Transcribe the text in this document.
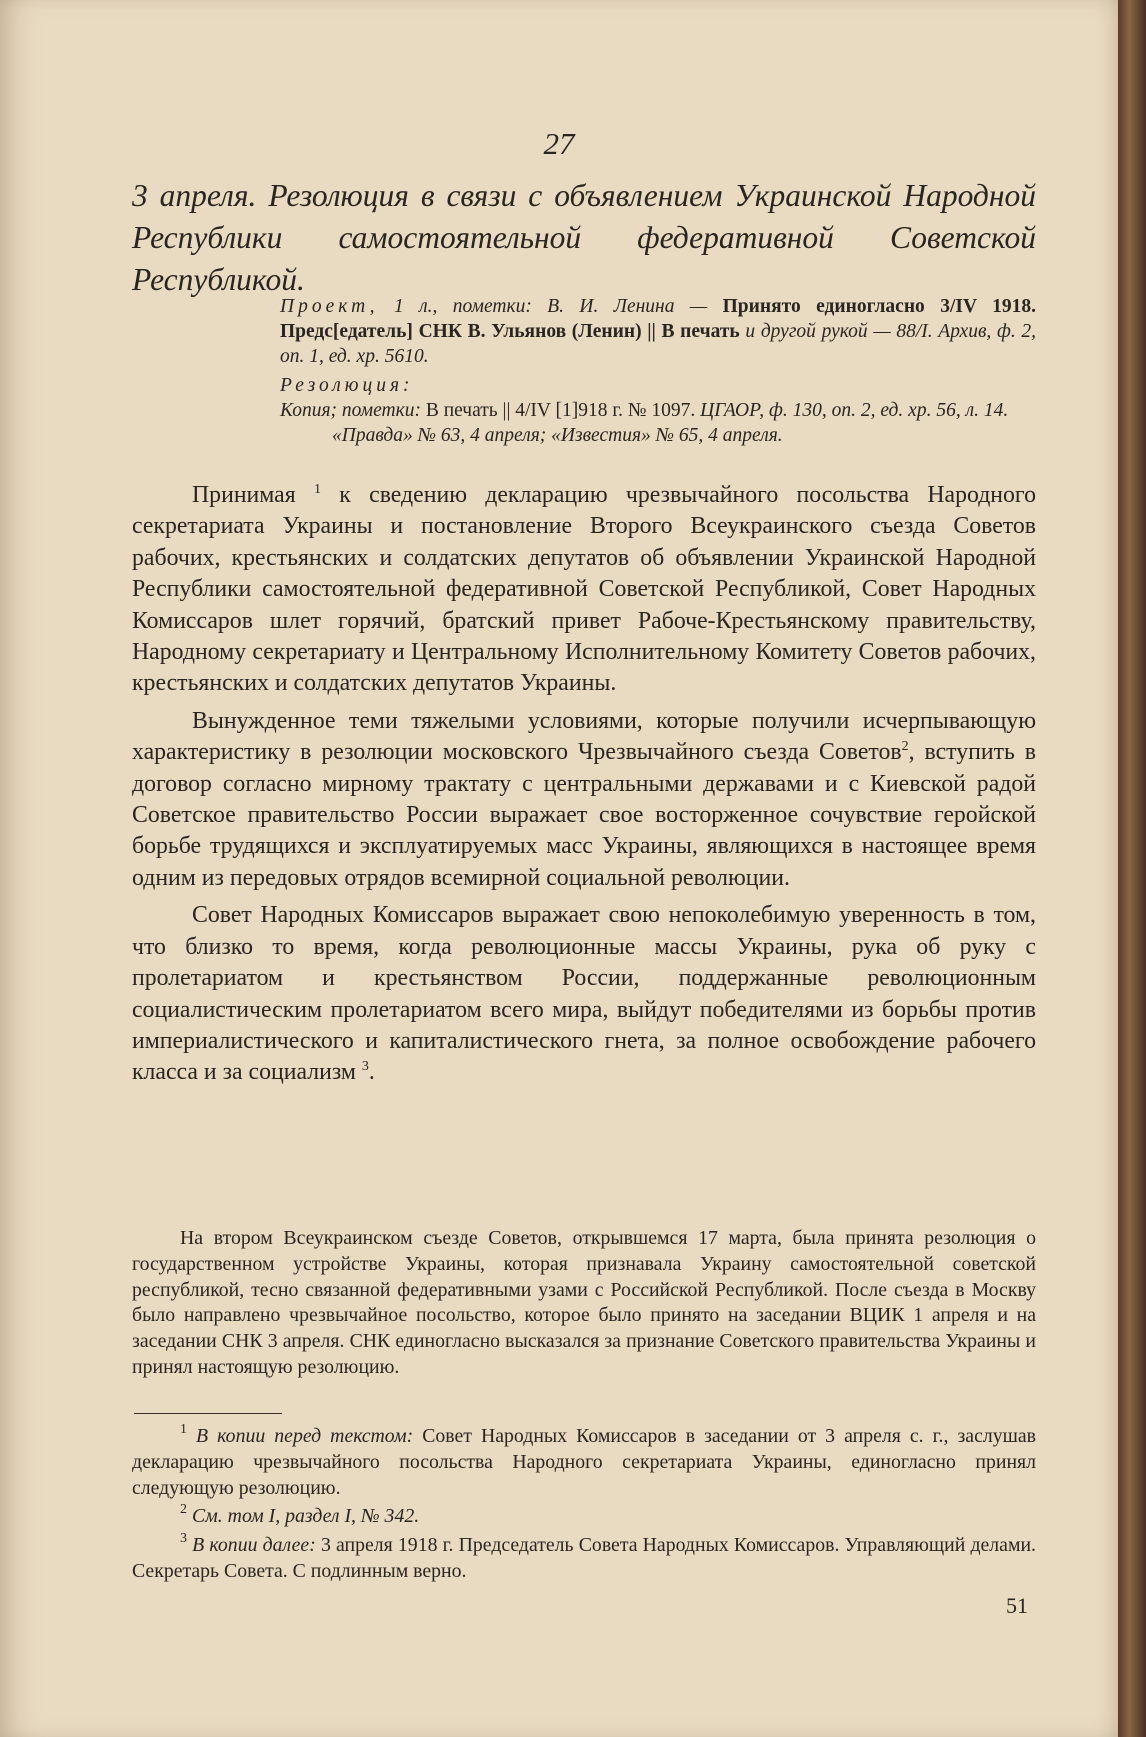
27
3 апреля. Резолюция в связи с объявлением Украинской Народной Республики самостоятельной федеративной Советской Республикой.
Проект, 1 л., пометки: В. И. Ленина — Принято единогласно 3/IV 1918. Предс[едатель] СНК В. Ульянов (Ленин) || В печать и другой рукой — 88/I. Архив, ф. 2, оп. 1, ед. хр. 5610.
Резолюция:
Копия; пометки: В печать || 4/IV [1]918 г. № 1097. ЦГАОР, ф. 130, оп. 2, ед. хр. 56, л. 14.
«Правда» № 63, 4 апреля; «Известия» № 65, 4 апреля.

Принимая $^1$ к сведению декларацию чрезвычайного посольства Народного секретариата Украины и постановление Второго Всеукраинского съезда Советов рабочих, крестьянских и солдатских депутатов об объявлении Украинской Народной Республики самостоятельной федеративной Советской Республикой, Совет Народных Комиссаров шлет горячий, братский привет Рабоче-Крестьянскому правительству, Народному секретариату и Центральному Исполнительному Комитету Советов рабочих, крестьянских и солдатских депутатов Украины.

Вынужденное теми тяжелыми условиями, которые получили исчерпывающую характеристику в резолюции московского Чрезвычайного съезда Советов$^2$, вступить в договор согласно мирному трактату с центральными державами и с Киевской радой Советское правительство России выражает свое восторженное сочувствие геройской борьбе трудящихся и эксплуатируемых масс Украины, являющихся в настоящее время одним из передовых отрядов всемирной социальной революции.

Совет Народных Комиссаров выражает свою непоколебимую уверенность в том, что близко то время, когда революционные массы Украины, рука об руку с пролетариатом и крестьянством России, поддержанные революционным социалистическим пролетариатом всего мира, выйдут победителями из борьбы против империалистического и капиталистического гнета, за полное освобождение рабочего класса и за социализм $^3$.

На втором Всеукраинском съезде Советов, открывшемся 17 марта, была принята резолюция о государственном устройстве Украины, которая признавала Украину самостоятельной советской республикой, тесно связанной федеративными узами с Российской Республикой. После съезда в Москву было направлено чрезвычайное посольство, которое было принято на заседании ВЦИК 1 апреля и на заседании СНК 3 апреля. СНК единогласно высказался за признание Советского правительства Украины и принял настоящую резолюцию.

$^1$ В копии перед текстом: Совет Народных Комиссаров в заседании от 3 апреля с. г., заслушав декларацию чрезвычайного посольства Народного секретариата Украины, единогласно принял следующую резолюцию.

$^2$ См. том I, раздел I, № 342.

$^3$ В копии далее: 3 апреля 1918 г. Председатель Совета Народных Комиссаров. Управляющий делами. Секретарь Совета. С подлинным верно.

51
